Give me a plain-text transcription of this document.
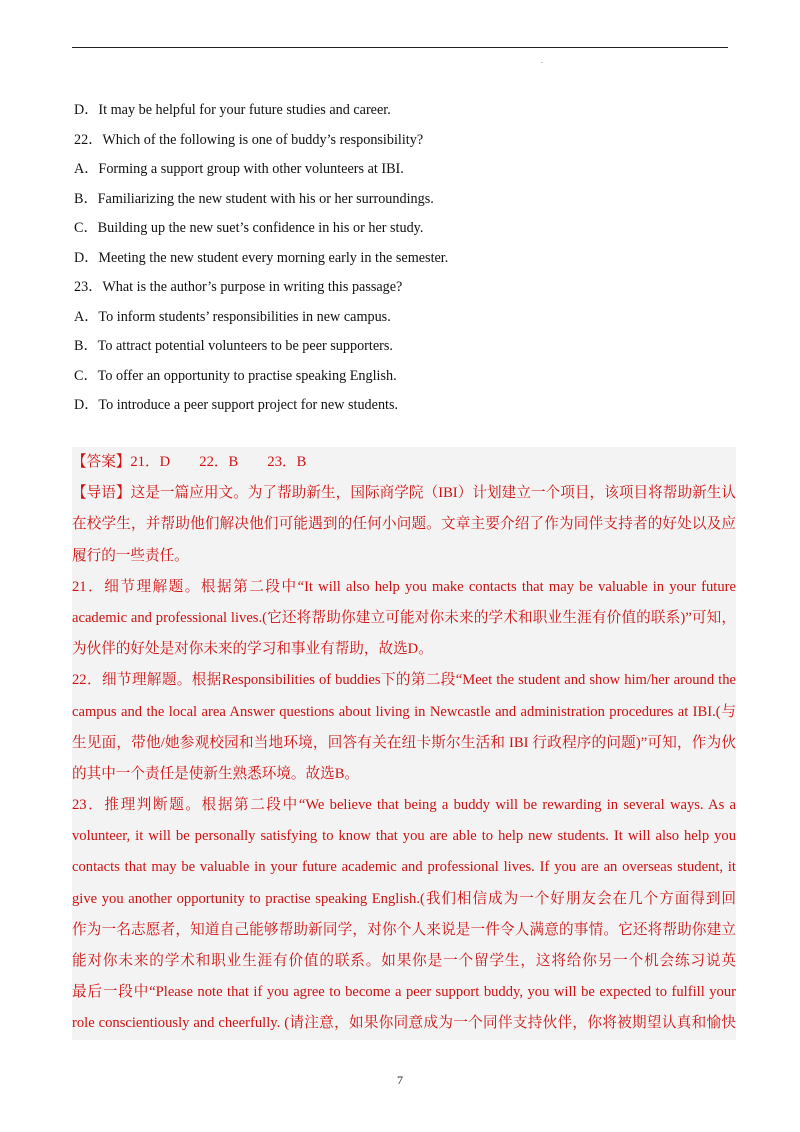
.
D．It may be helpful for your future studies and career.
22．Which of the following is one of buddy’s responsibility?
A．Forming a support group with other volunteers at IBI.
B．Familiarizing the new student with his or her surroundings.
C．Building up the new suet’s confidence in his or her study.
D．Meeting the new student every morning early in the semester.
23．What is the author’s purpose in writing this passage?
A．To inform students’ responsibilities in new campus.
B．To attract potential volunteers to be peer supporters.
C．To offer an opportunity to practise speaking English.
D．To introduce a peer support project for new students.
【答案】21．D　　22．B　　23．B
【导语】这是一篇应用文。为了帮助新生，国际商学院（IBI）计划建立一个项目，该项目将帮助新生认
在校学生，并帮助他们解决他们可能遇到的任何小问题。文章主要介绍了作为同伴支持者的好处以及应
履行的一些责任。
21．细节理解题。根据第二段中“It will also help you make contacts that may be valuable in your future
academic and professional lives.(它还将帮助你建立可能对你未来的学术和职业生涯有价值的联系)”可知，
为伙伴的好处是对你未来的学习和事业有帮助，故选D。
22．细节理解题。根据Responsibilities of buddies下的第二段“Meet the student and show him/her around the
campus and the local area Answer questions about living in Newcastle and administration procedures at IBI.(与
生见面，带他/她参观校园和当地环境，回答有关在纽卡斯尔生活和 IBI 行政程序的问题)”可知，作为伙
的其中一个责任是使新生熟悉环境。故选B。
23．推理判断题。根据第二段中“We believe that being a buddy will be rewarding in several ways. As a
volunteer, it will be personally satisfying to know that you are able to help new students. It will also help you
contacts that may be valuable in your future academic and professional lives. If you are an overseas student, it
give you another opportunity to practise speaking English.(我们相信成为一个好朋友会在几个方面得到回
作为一名志愿者，知道自己能够帮助新同学，对你个人来说是一件令人满意的事情。它还将帮助你建立
能对你未来的学术和职业生涯有价值的联系。如果你是一个留学生，这将给你另一个机会练习说英
最后一段中“Please note that if you agree to become a peer support buddy, you will be expected to fulfill your
role conscientiously and cheerfully. (请注意，如果你同意成为一个同伴支持伙伴，你将被期望认真和愉快
7
